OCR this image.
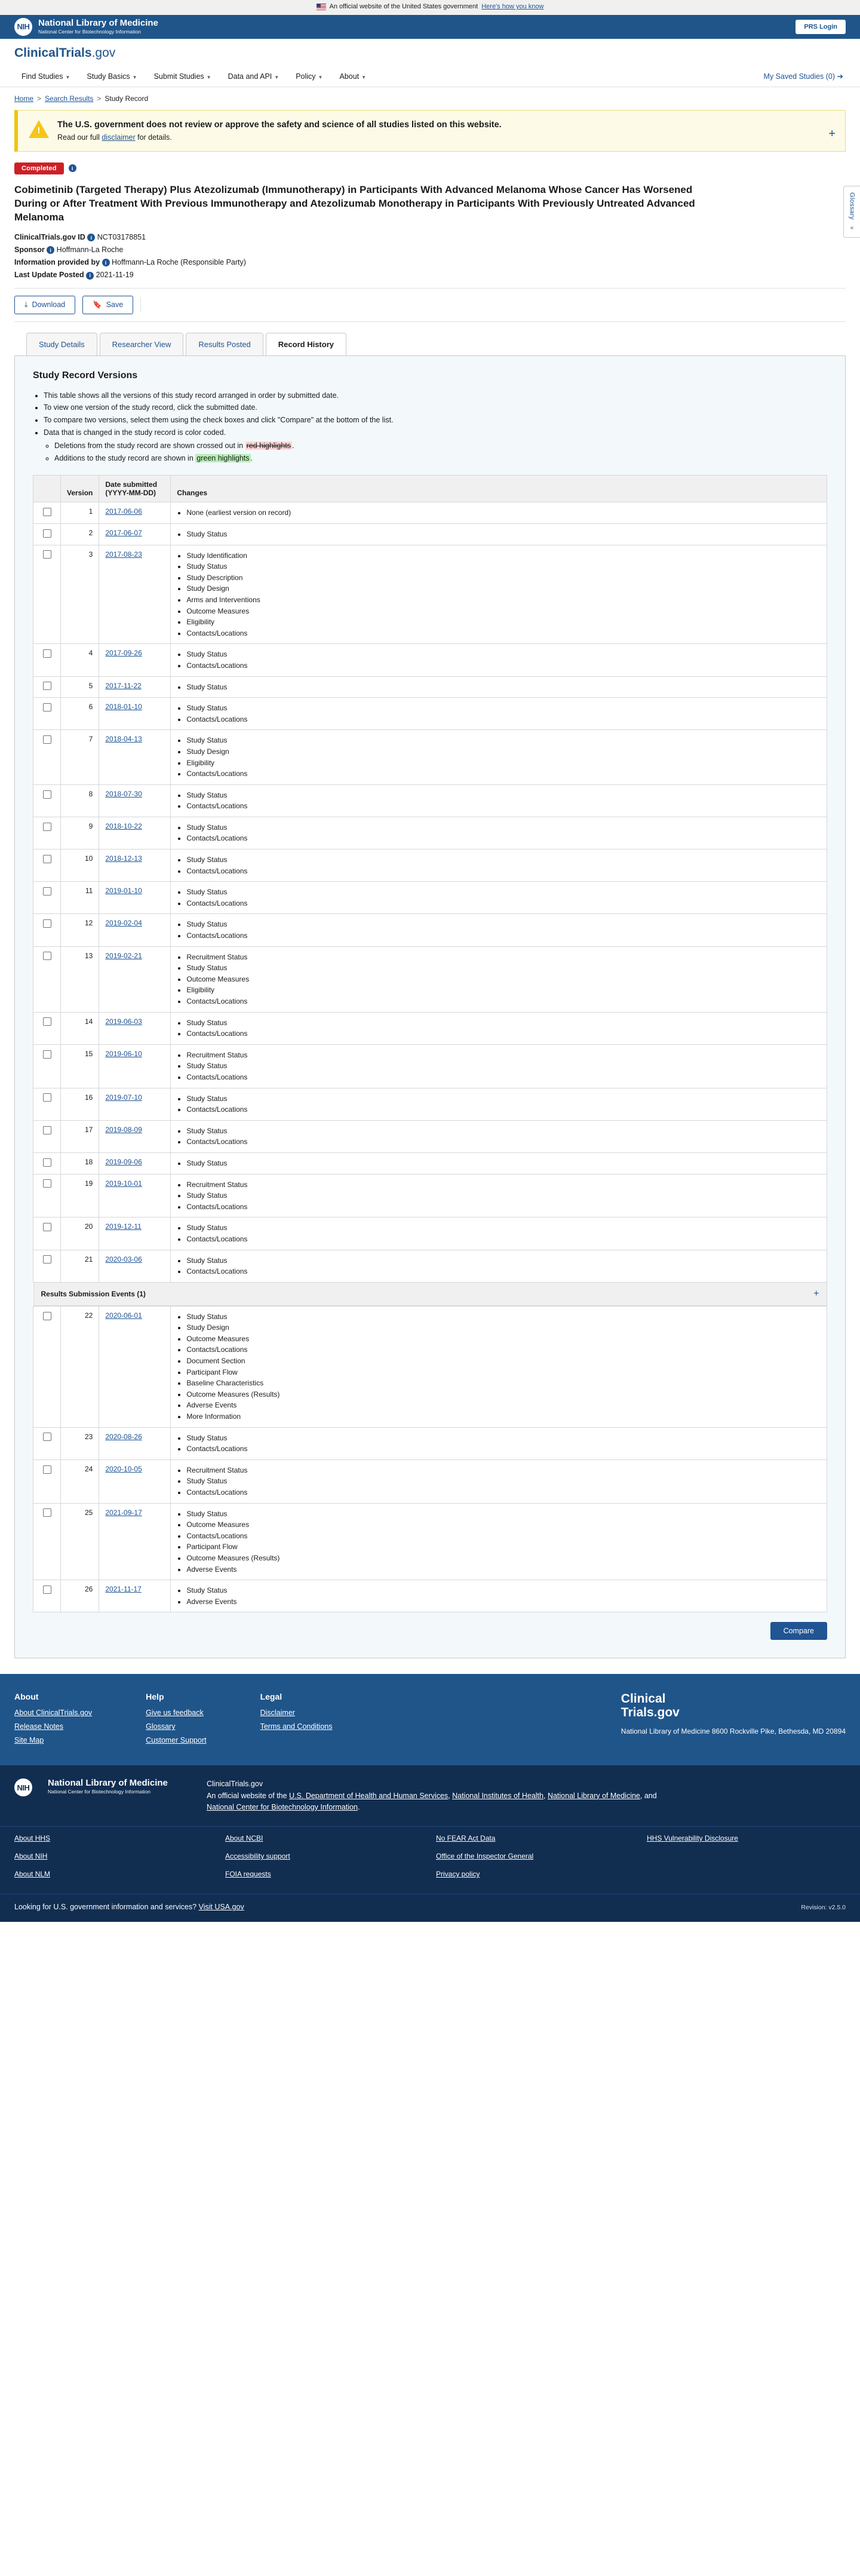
An official website of the United States government Here's how you know
NIH National Library of Medicine
National Center for Biotechnology Information
PRS Login
ClinicalTrials.gov
Find Studies ▼	Study Basics ▼	Submit Studies ▼	Data and API ▼	Policy ▼	About ▼	My Saved Studies (0) ➔
Glossary
«
Home > Search Results > Study Record
!
The U.S. government does not review or approve the safety and science of all studies listed on this website.
Read our full disclaimer for details.	+
Completed	i
Cobimetinib (Targeted Therapy) Plus Atezolizumab (Immunotherapy) in Participants With Advanced Melanoma Whose Cancer Has Worsened During or After Treatment With Previous Immunotherapy and Atezolizumab Monotherapy in Participants With Previously Untreated Advanced Melanoma
ClinicalTrials.gov ID i NCT03178851
Sponsor i Hoffmann-La Roche
Information provided by i Hoffmann-La Roche (Responsible Party)
Last Update Posted i 2021-11-19
⤓ Download	🔖 Save
Study Details	Researcher View	Results Posted	Record History
Study Record Versions
• This table shows all the versions of this study record arranged in order by submitted date.
• To view one version of the study record, click the submitted date.
• To compare two versions, select them using the check boxes and click "Compare" at the bottom of the list.
• Data that is changed in the study record is color coded.
◦ Deletions from the study record are shown crossed out in red highlights .
◦ Additions to the study record are shown in green highlights .
	Version	Date submitted (YYYY-MM-DD)	Changes
	1	2017-06-06	
•None (earliest version on record)

	2	2017-06-07	
•Study Status

	3	2017-08-23	
•Study Identification
• Study Status
• Study Description
• Study Design
• Arms and Interventions
• Outcome Measures
• Eligibility
• Contacts/Locations

	4	2017-09-26	
•Study Status
• Contacts/Locations

	5	2017-11-22	
•Study Status

	6	2018-01-10	
•Study Status
• Contacts/Locations

	7	2018-04-13	
•Study Status
• Study Design
• Eligibility
• Contacts/Locations

	8	2018-07-30	
•Study Status
• Contacts/Locations

	9	2018-10-22	
•Study Status
• Contacts/Locations

	10	2018-12-13	
•Study Status
• Contacts/Locations

	11	2019-01-10	
•Study Status
• Contacts/Locations

	12	2019-02-04	
•Study Status
• Contacts/Locations

	13	2019-02-21	
•Recruitment Status
• Study Status
• Outcome Measures
• Eligibility
• Contacts/Locations

	14	2019-06-03	
•Study Status
• Contacts/Locations

	15	2019-06-10	
•Recruitment Status
• Study Status
• Contacts/Locations

	16	2019-07-10	
•Study Status
• Contacts/Locations

	17	2019-08-09	
•Study Status
• Contacts/Locations

	18	2019-09-06	
•Study Status

	19	2019-10-01	
•Recruitment Status
• Study Status
• Contacts/Locations

	20	2019-12-11	
•Study Status
• Contacts/Locations

	21	2020-03-06	
•Study Status
• Contacts/Locations

Results Submission Events (1) +			

	22	2020-06-01	
•Study Status
• Study Design
• Outcome Measures
• Contacts/Locations
• Document Section
• Participant Flow
• Baseline Characteristics
• Outcome Measures (Results)
• Adverse Events
• More Information

	23	2020-08-26	
•Study Status
• Contacts/Locations

	24	2020-10-05	
•Recruitment Status
• Study Status
• Contacts/Locations

	25	2021-09-17	
•Study Status
• Outcome Measures
• Contacts/Locations
• Participant Flow
• Outcome Measures (Results)
• Adverse Events

	26	2021-11-17	
•Study Status
• Adverse Events
Compare
About
About ClinicalTrials.gov
Release Notes
Site Map
Help
Give us feedback
Glossary
Customer Support
Legal
Disclaimer
Terms and Conditions
Clinical
Trials.gov
National Library of Medicine 8600 Rockville Pike, Bethesda, MD 20894
NIH	National Library of Medicine
National Center for Biotechnology Information
ClinicalTrials.gov
An official website of the U.S. Department of Health and Human Services, National Institutes of Health, National Library of Medicine, and National Center for Biotechnology Information.
About HHS	About NCBI	No FEAR Act Data	HHS Vulnerability Disclosure
About NIH	Accessibility support	Office of the Inspector General
About NLM	FOIA requests	Privacy policy
Looking for U.S. government information and services? Visit USA.gov	Revision: v2.5.0
